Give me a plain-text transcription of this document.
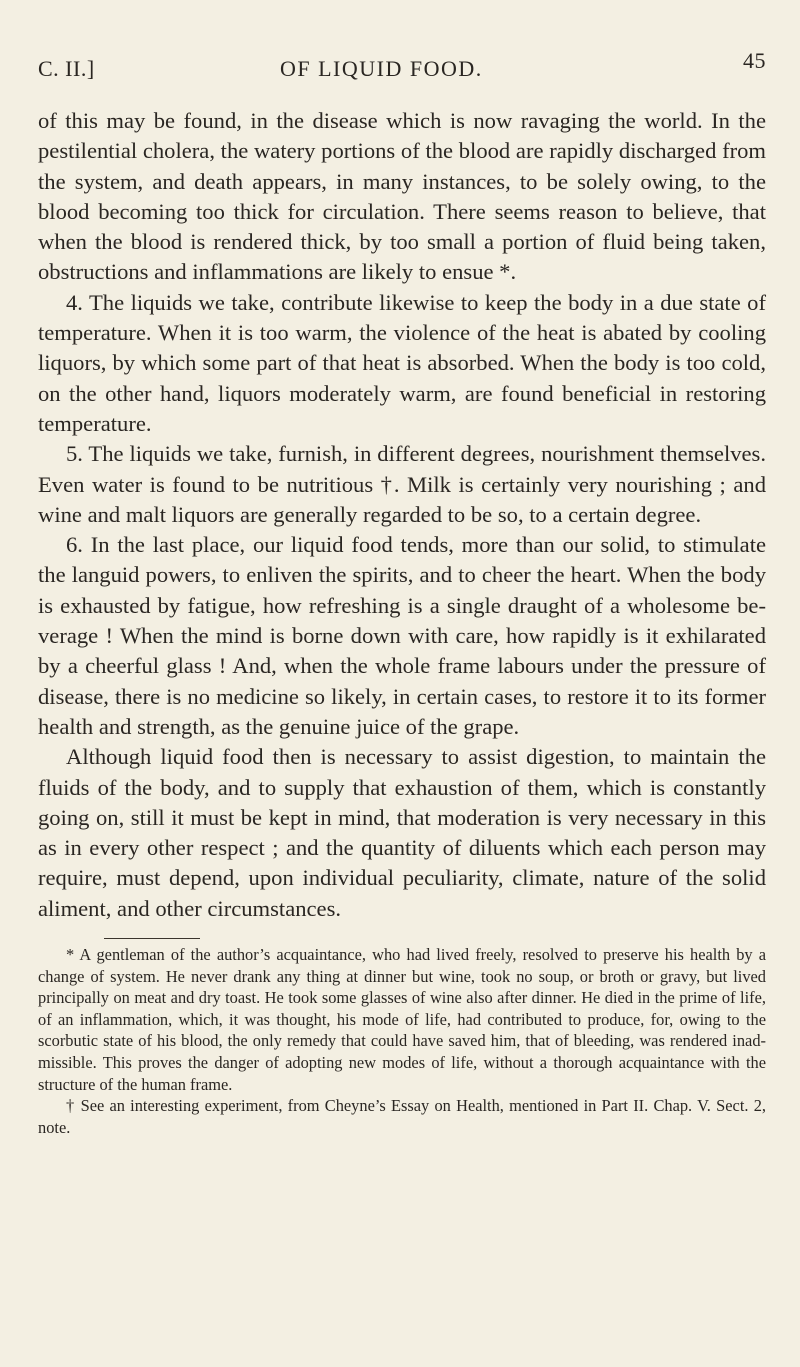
C. II.]	OF LIQUID FOOD.	45

of this may be found, in the disease which is now ravaging the world. In the pestilential cholera, the watery portions of the blood are rapidly discharged from the system, and death appears, in many instances, to be solely owing, to the blood becoming too thick for circulation. There seems reason to believe, that when the blood is rendered thick, by too small a portion of fluid being taken, obstructions and inflammations are likely to ensue *.

4. The liquids we take, contribute likewise to keep the body in a due state of temperature. When it is too warm, the violence of the heat is abated by cooling liquors, by which some part of that heat is absorbed. When the body is too cold, on the other hand, liquors moderately warm, are found beneficial in restoring temperature.

5. The liquids we take, furnish, in different degrees, nourishment themselves. Even water is found to be nutritious †. Milk is certainly very nourishing ; and wine and malt liquors are generally regarded to be so, to a certain degree.

6. In the last place, our liquid food tends, more than our solid, to stimulate the languid powers, to enliven the spirits, and to cheer the heart. When the body is exhausted by fatigue, how refreshing is a single draught of a wholesome beverage ! When the mind is borne down with care, how rapidly is it exhilarated by a cheerful glass ! And, when the whole frame labours under the pressure of disease, there is no medicine so likely, in certain cases, to restore it to its former health and strength, as the genuine juice of the grape.

Although liquid food then is necessary to assist digestion, to maintain the fluids of the body, and to supply that exhaustion of them, which is constantly going on, still it must be kept in mind, that moderation is very necessary in this as in every other respect ; and the quantity of diluents which each person may require, must depend, upon individual peculiarity, climate, nature of the solid aliment, and other circumstances.

* A gentleman of the author’s acquaintance, who had lived freely, resolved to preserve his health by a change of system. He never drank any thing at dinner but wine, took no soup, or broth or gravy, but lived principally on meat and dry toast. He took some glasses of wine also after dinner. He died in the prime of life, of an inflammation, which, it was thought, his mode of life, had contributed to produce, for, owing to the scorbutic state of his blood, the only remedy that could have saved him, that of bleeding, was rendered inadmissible. This proves the danger of adopting new modes of life, without a thorough acquaintance with the structure of the human frame.

† See an interesting experiment, from Cheyne’s Essay on Health, mentioned in Part II. Chap. V. Sect. 2, note.
